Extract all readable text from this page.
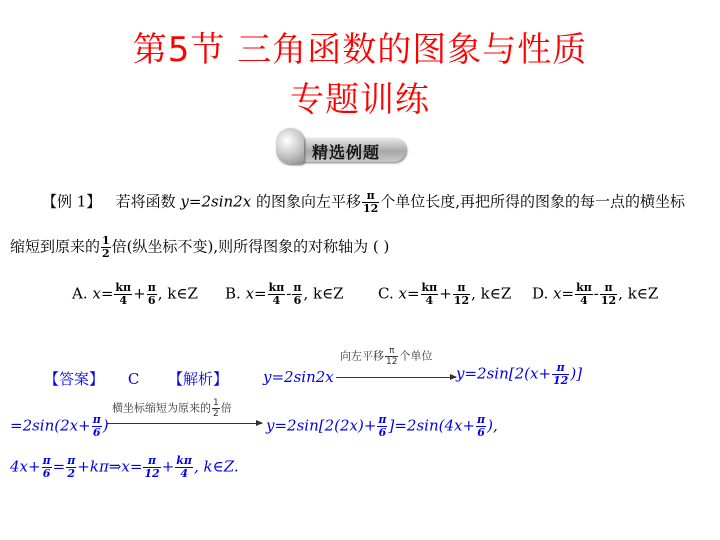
第5节 三角函数的图象与性质
专题训练
精选例题
【例 1】 若将函数 y=2sin2x 的图象向左平移 $\frac{\pi}{12}$ 个单位长度,再把所得的图象的每一点的横坐标
缩短到原来的 $\frac{1}{2}$ 倍(纵坐标不变),则所得图象的对称轴为 ( )
A. $x= \frac{k\pi}{4} + \frac{\pi}{6}$ , k∈Z B. $x= \frac{k\pi}{4} - \frac{\pi}{6}$ , k∈Z C. $x= \frac{k\pi}{4} + \frac{\pi}{12}$ , k∈Z D. $x= \frac{k\pi}{4} - \frac{\pi}{12}$ , k∈Z
【答案】 C 【解析】 y=2sin2x
向左平移 $\frac{\pi}{12}$ 个单位
$y=2\sin[2(x+ \frac{\pi}{12}$ )]
$=2\sin(2x+ \frac{\pi}{6}$ )
横坐标缩短为原来的 $\frac{1}{2}$ 倍
$y=2\sin[2(2x)+ \frac{\pi}{6} ]=2\sin(4x+ \frac{\pi}{6}$ ),
$4x+ \frac{\pi}{6} = \frac{\pi}{2}$ +kπ⇒x= $\frac{\pi}{12} + \frac{k\pi}{4}$ , k∈Z.
